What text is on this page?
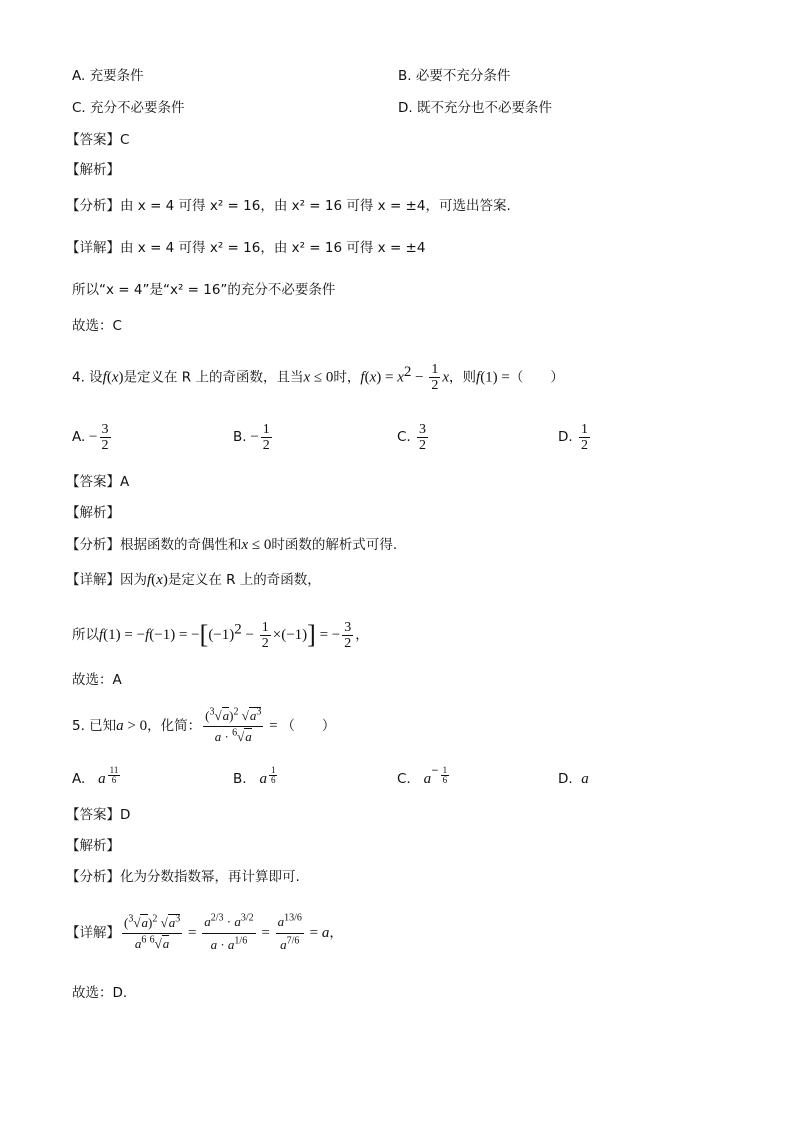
A. 充要条件	B. 必要不充分条件
C. 充分不必要条件	D. 既不充分也不必要条件
【答案】C
【解析】
【分析】由 x = 4 可得 x² = 16，由 x² = 16 可得 x = ±4，可选出答案.
【详解】由 x = 4 可得 x² = 16，由 x² = 16 可得 x = ±4
所以“x = 4”是“x² = 16”的充分不必要条件
故选：C
4. 设f(x)是定义在 R 上的奇函数，且当x ≤ 0时，$f(x) = x^2 - \frac{1}{2}$ x，则f(1) =（　　）
A. − $\frac{3}{2}$	B. − $\frac{1}{2}$	C. $\frac{3}{2}$	D. $\frac{1}{2}$
【答案】A
【解析】
【分析】根据函数的奇偶性和x ≤ 0时函数的解析式可得.
【详解】因为f(x)是定义在 R 上的奇函数，
所以$f(1) = -f(-1) = -[(-1)^2 - \frac{1}{2} \times(-1)]$ = − $\frac{3}{2}$ ，
故选：A
5. 已知a > 0，化简： $\frac{(^3√a)^2 √a^3}{a \cdot ^6√a}$ = （　　）
A. a $^{\frac{11}{6}}$	B. a $^{\frac{1}{6}}$	C. a− $^{\frac{1}{6}}$	D. a
【答案】D
【解析】
【分析】化为分数指数幂，再计算即可.
【详解】 $\frac{(^3√a)^2 √a^3}{a^6 ^6√a} = \frac{a^{2/3} \cdot a^{3/2}}{a \cdot a^{1/6}} = \frac{a^{13/6}}{a^{7/6}} = a$，
故选：D.
